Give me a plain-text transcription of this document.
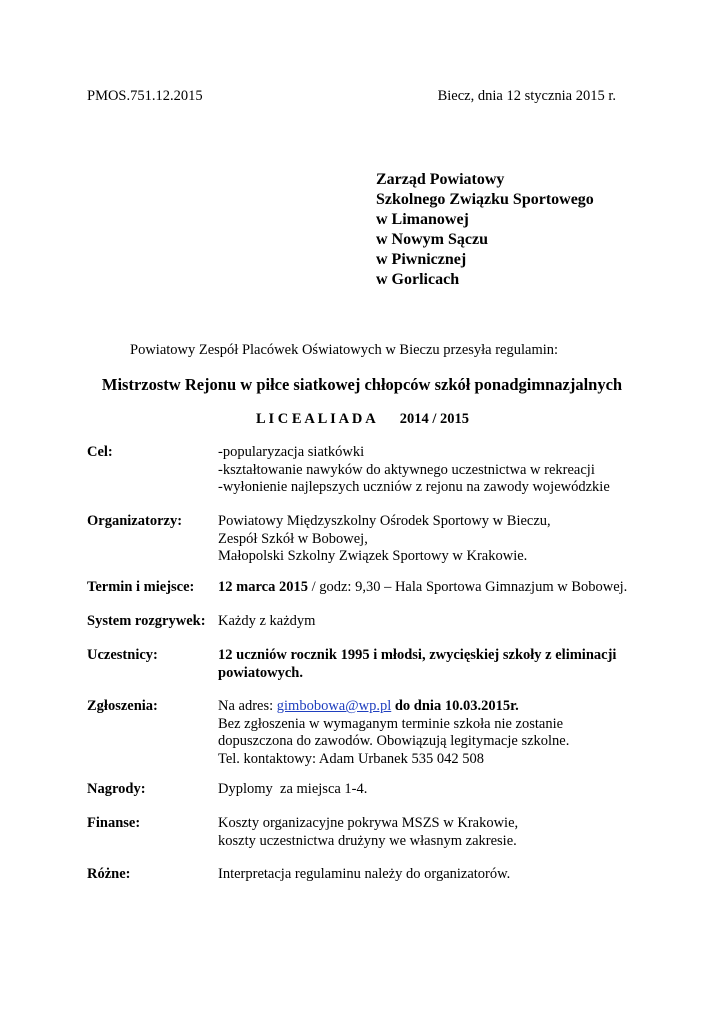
PMOS.751.12.2015	Biecz, dnia 12 stycznia 2015 r.
Zarząd Powiatowy
Szkolnego Związku Sportowego
w Limanowej
w Nowym Sączu
w Piwnicznej
w Gorlicach
Powiatowy Zespół Placówek Oświatowych w Bieczu przesyła regulamin:
Mistrzostw Rejonu w piłce siatkowej chłopców szkół ponadgimnazjalnych
L I C E A L I A D A 2014 / 2015
Cel:	-popularyzacja siatkówki
-kształtowanie nawyków do aktywnego uczestnictwa w rekreacji
-wyłonienie najlepszych uczniów z rejonu na zawody wojewódzkie
Organizatorzy: Powiatowy Międzyszkolny Ośrodek Sportowy w Bieczu,
Zespół Szkół w Bobowej,
Małopolski Szkolny Związek Sportowy w Krakowie.
Termin i miejsce: 12 marca 2015 / godz: 9,30 – Hala Sportowa Gimnazjum w Bobowej.
System rozgrywek: Każdy z każdym
Uczestnicy:	12 uczniów rocznik 1995 i młodsi, zwycięskiej szkoły z eliminacji
powiatowych.
Zgłoszenia:	Na adres: gimbobowa@wp.pl do dnia 10.03.2015r.
Bez zgłoszenia w wymaganym terminie szkoła nie zostanie
dopuszczona do zawodów. Obowiązują legitymacje szkolne.
Tel. kontaktowy: Adam Urbanek 535 042 508
Nagrody:	Dyplomy  za miejsca 1-4.
Finanse:	Koszty organizacyjne pokrywa MSZS w Krakowie,
koszty uczestnictwa drużyny we własnym zakresie.
Różne:	Interpretacja regulaminu należy do organizatorów.
